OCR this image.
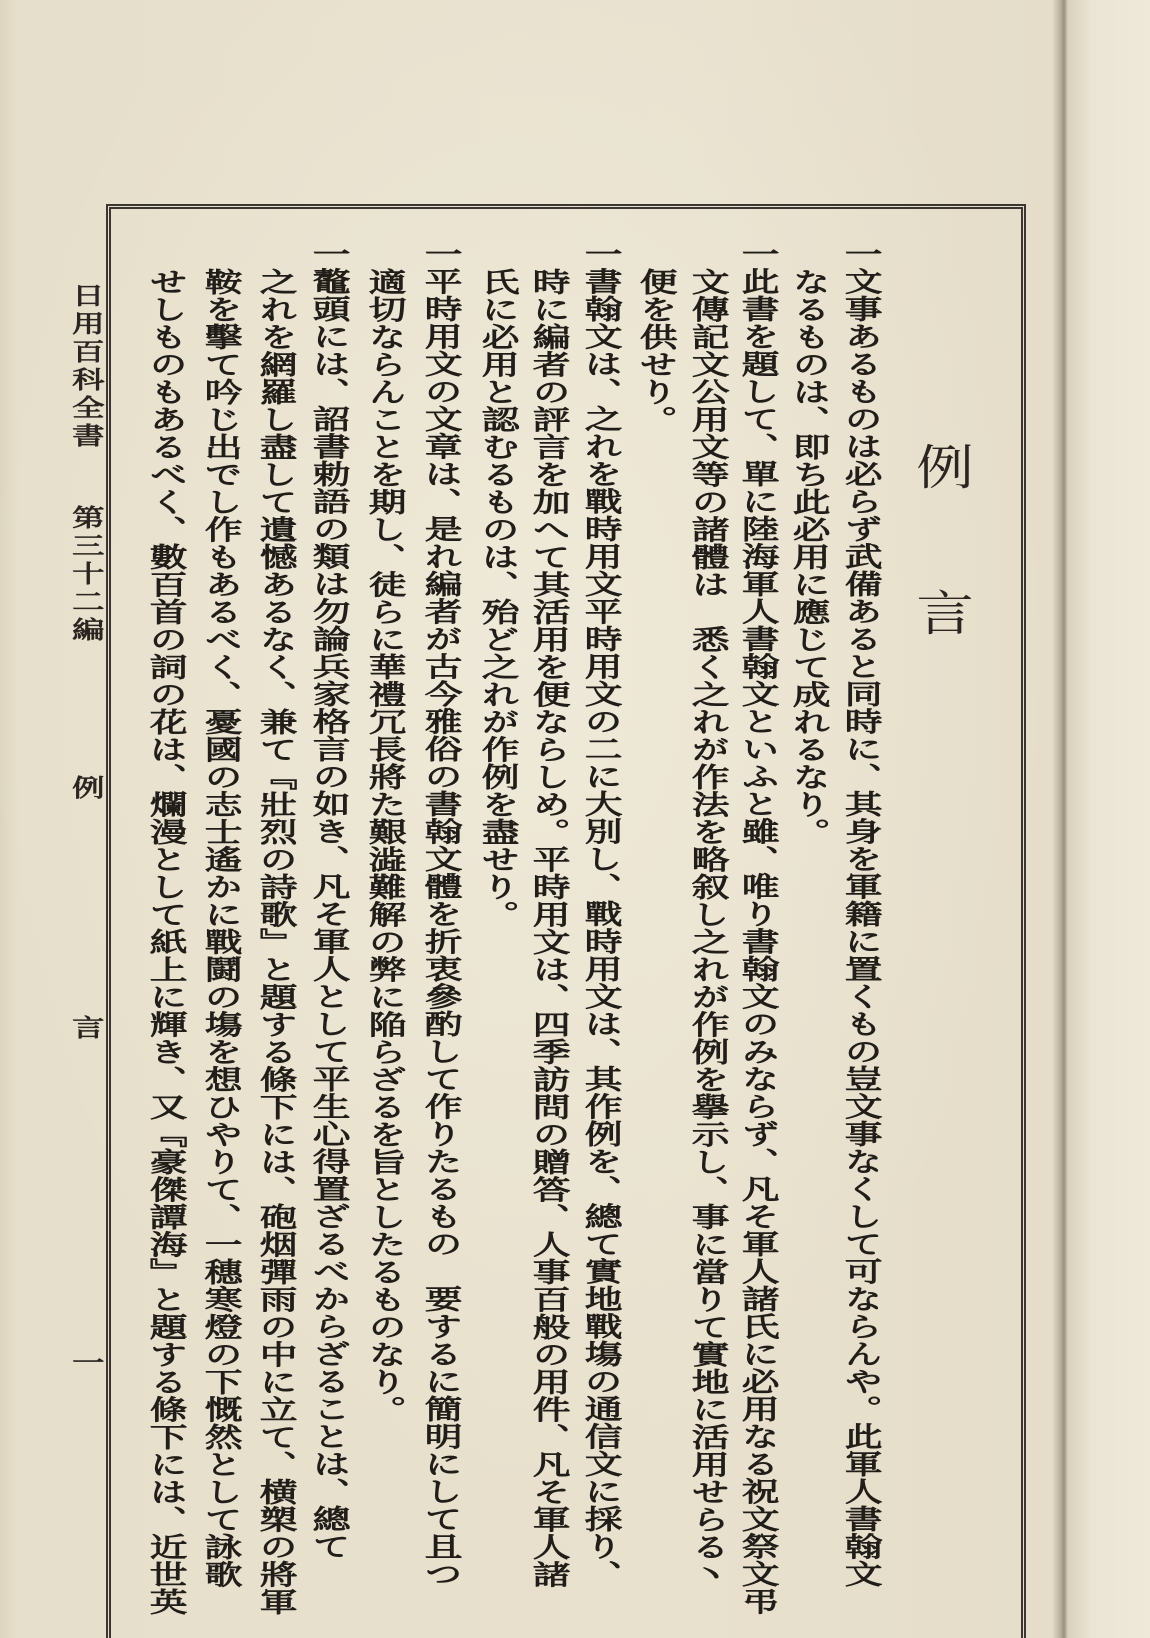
日用百科全書
第三十二編
例
言
一
例
言
一文事あるものは必らず武備あると同時に、其身を軍籍に置くもの豈文事なくして可ならんや。此軍人書翰文
なるものは、即ち此必用に應じて成れるなり。
一此書を題して、單に陸海軍人書翰文といふと雖、唯り書翰文のみならず、凡そ軍人諸氏に必用なる祝文祭文弔
文傳記文公用文等の諸體は　悉く之れが作法を略叙し之れが作例を擧示し、事に當りて實地に活用せらる丶
便を供せり。
一書翰文は、之れを戰時用文平時用文の二に大別し、戰時用文は、其作例を、總て實地戰塲の通信文に採り、
時に編者の評言を加へて其活用を便ならしめ。平時用文は、四季訪問の贈答、人事百般の用件、凡そ軍人諸
氏に必用と認むるものは、殆ど之れが作例を盡せり。
一平時用文の文章は、是れ編者が古今雅俗の書翰文體を折衷參酌して作りたるもの　要するに簡明にして且つ
適切ならんことを期し、徒らに華禮冗長將た艱澁難解の弊に陥らざるを旨としたるものなり。
一鼇頭には、詔書勅語の類は勿論兵家格言の如き、凡そ軍人として平生心得置ざるべからざることは、總て
之れを網羅し盡して遺憾あるなく、兼て『壯烈の詩歌』と題する條下には、砲烟彈雨の中に立て、横槊の將軍
鞍を擊て吟じ出でし作もあるべく、憂國の志士遙かに戰鬪の塲を想ひやりて、一穗寒燈の下慨然として詠歌
せしものもあるべく、數百首の詞の花は、爛漫として紙上に輝き、又『豪傑譚海』と題する條下には、近世英
